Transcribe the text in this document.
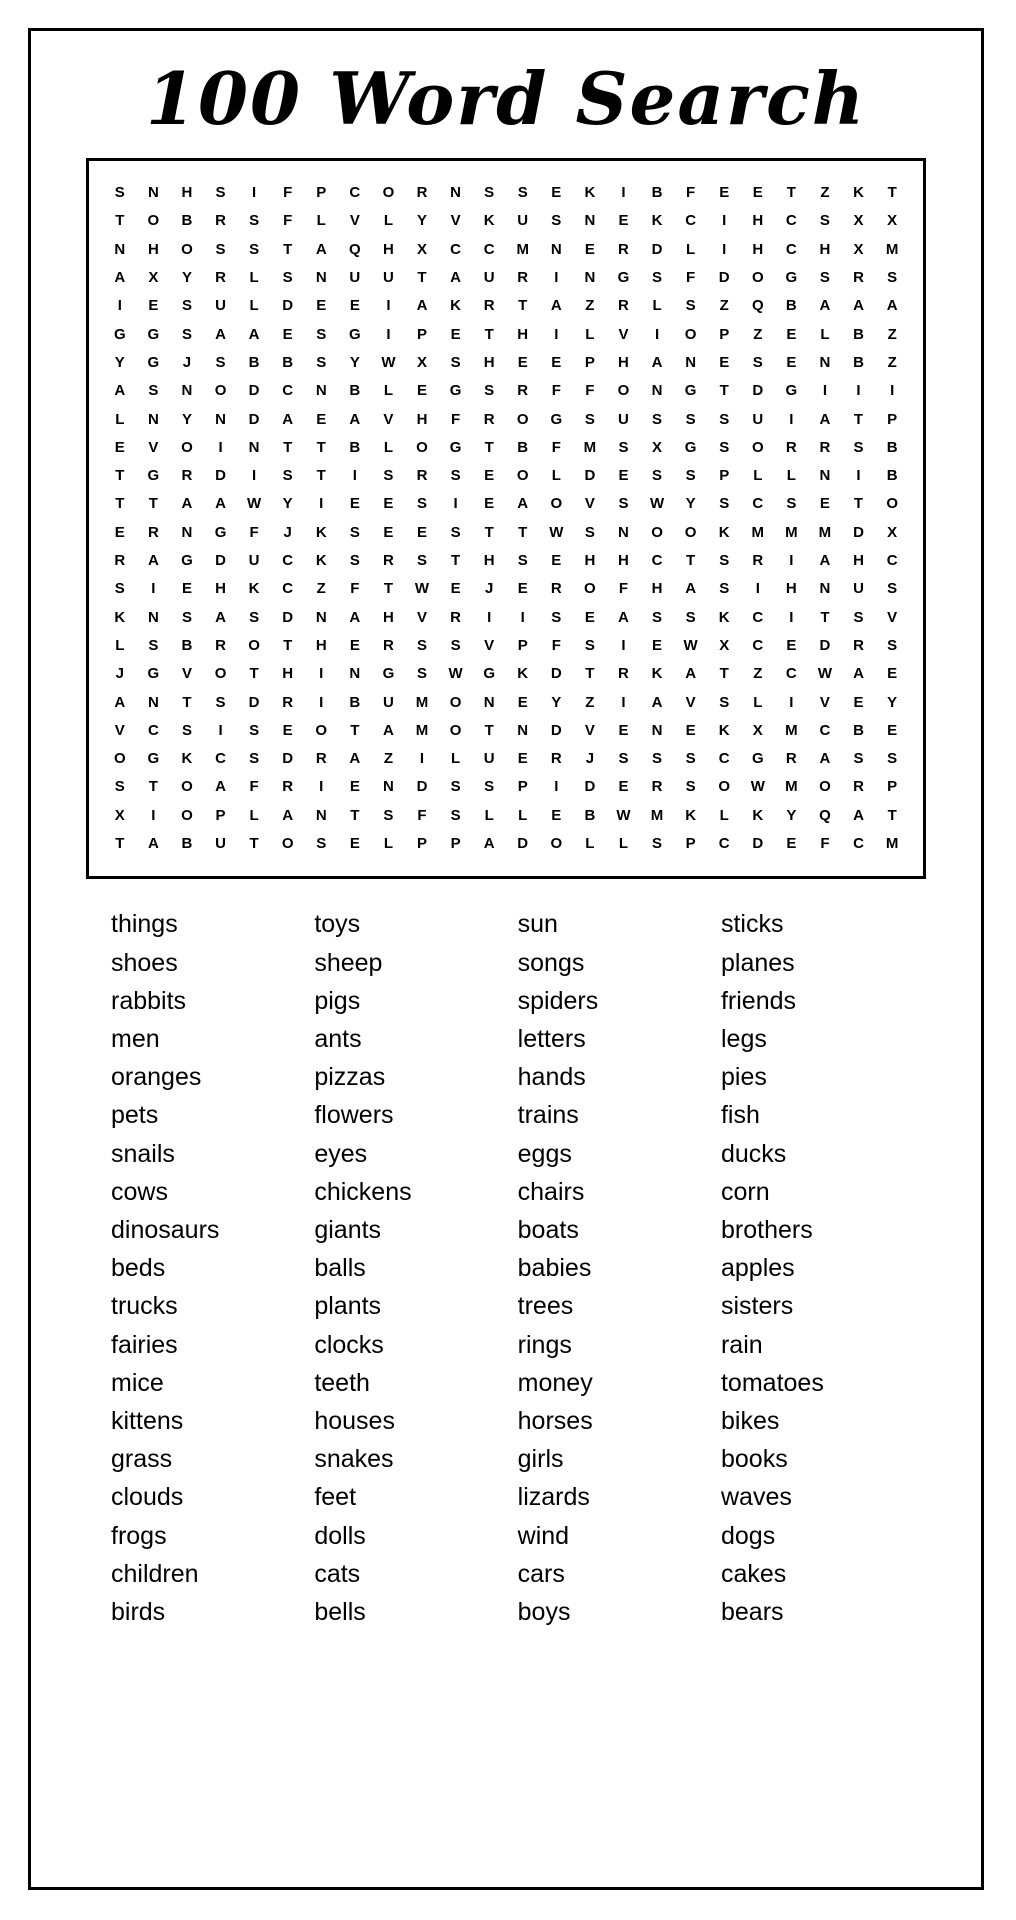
100 Word Search
S	N	H	S	I	F	P	C	O	R	N	S	S	E	K	I	B	F	E	E	T	Z	K	T
T	O	B	R	S	F	L	V	L	Y	V	K	U	S	N	E	K	C	I	H	C	S	X	X
N	H	O	S	S	T	A	Q	H	X	C	C	M	N	E	R	D	L	I	H	C	H	X	M
A	X	Y	R	L	S	N	U	U	T	A	U	R	I	N	G	S	F	D	O	G	S	R	S
I	E	S	U	L	D	E	E	I	A	K	R	T	A	Z	R	L	S	Z	Q	B	A	A	A
G	G	S	A	A	E	S	G	I	P	E	T	H	I	L	V	I	O	P	Z	E	L	B	Z
Y	G	J	S	B	B	S	Y	W	X	S	H	E	E	P	H	A	N	E	S	E	N	B	Z
A	S	N	O	D	C	N	B	L	E	G	S	R	F	F	O	N	G	T	D	G	I	I	I
L	N	Y	N	D	A	E	A	V	H	F	R	O	G	S	U	S	S	S	U	I	A	T	P
E	V	O	I	N	T	T	B	L	O	G	T	B	F	M	S	X	G	S	O	R	R	S	B
T	G	R	D	I	S	T	I	S	R	S	E	O	L	D	E	S	S	P	L	L	N	I	B
T	T	A	A	W	Y	I	E	E	S	I	E	A	O	V	S	W	Y	S	C	S	E	T	O
E	R	N	G	F	J	K	S	E	E	S	T	T	W	S	N	O	O	K	M	M	M	D	X
R	A	G	D	U	C	K	S	R	S	T	H	S	E	H	H	C	T	S	R	I	A	H	C
S	I	E	H	K	C	Z	F	T	W	E	J	E	R	O	F	H	A	S	I	H	N	U	S
K	N	S	A	S	D	N	A	H	V	R	I	I	S	E	A	S	S	K	C	I	T	S	V
L	S	B	R	O	T	H	E	R	S	S	V	P	F	S	I	E	W	X	C	E	D	R	S
J	G	V	O	T	H	I	N	G	S	W	G	K	D	T	R	K	A	T	Z	C	W	A	E
A	N	T	S	D	R	I	B	U	M	O	N	E	Y	Z	I	A	V	S	L	I	V	E	Y
V	C	S	I	S	E	O	T	A	M	O	T	N	D	V	E	N	E	K	X	M	C	B	E
O	G	K	C	S	D	R	A	Z	I	L	U	E	R	J	S	S	S	C	G	R	A	S	S
S	T	O	A	F	R	I	E	N	D	S	S	P	I	D	E	R	S	O	W	M	O	R	P
X	I	O	P	L	A	N	T	S	F	S	L	L	E	B	W	M	K	L	K	Y	Q	A	T
T	A	B	U	T	O	S	E	L	P	P	A	D	O	L	L	S	P	C	D	E	F	C	M
things
shoes
rabbits
men
oranges
pets
snails
cows
dinosaurs
beds
trucks
fairies
mice
kittens
grass
clouds
frogs
children
birds
toys
sheep
pigs
ants
pizzas
flowers
eyes
chickens
giants
balls
plants
clocks
teeth
houses
snakes
feet
dolls
cats
bells
sun
songs
spiders
letters
hands
trains
eggs
chairs
boats
babies
trees
rings
money
horses
girls
lizards
wind
cars
boys
sticks
planes
friends
legs
pies
fish
ducks
corn
brothers
apples
sisters
rain
tomatoes
bikes
books
waves
dogs
cakes
bears
